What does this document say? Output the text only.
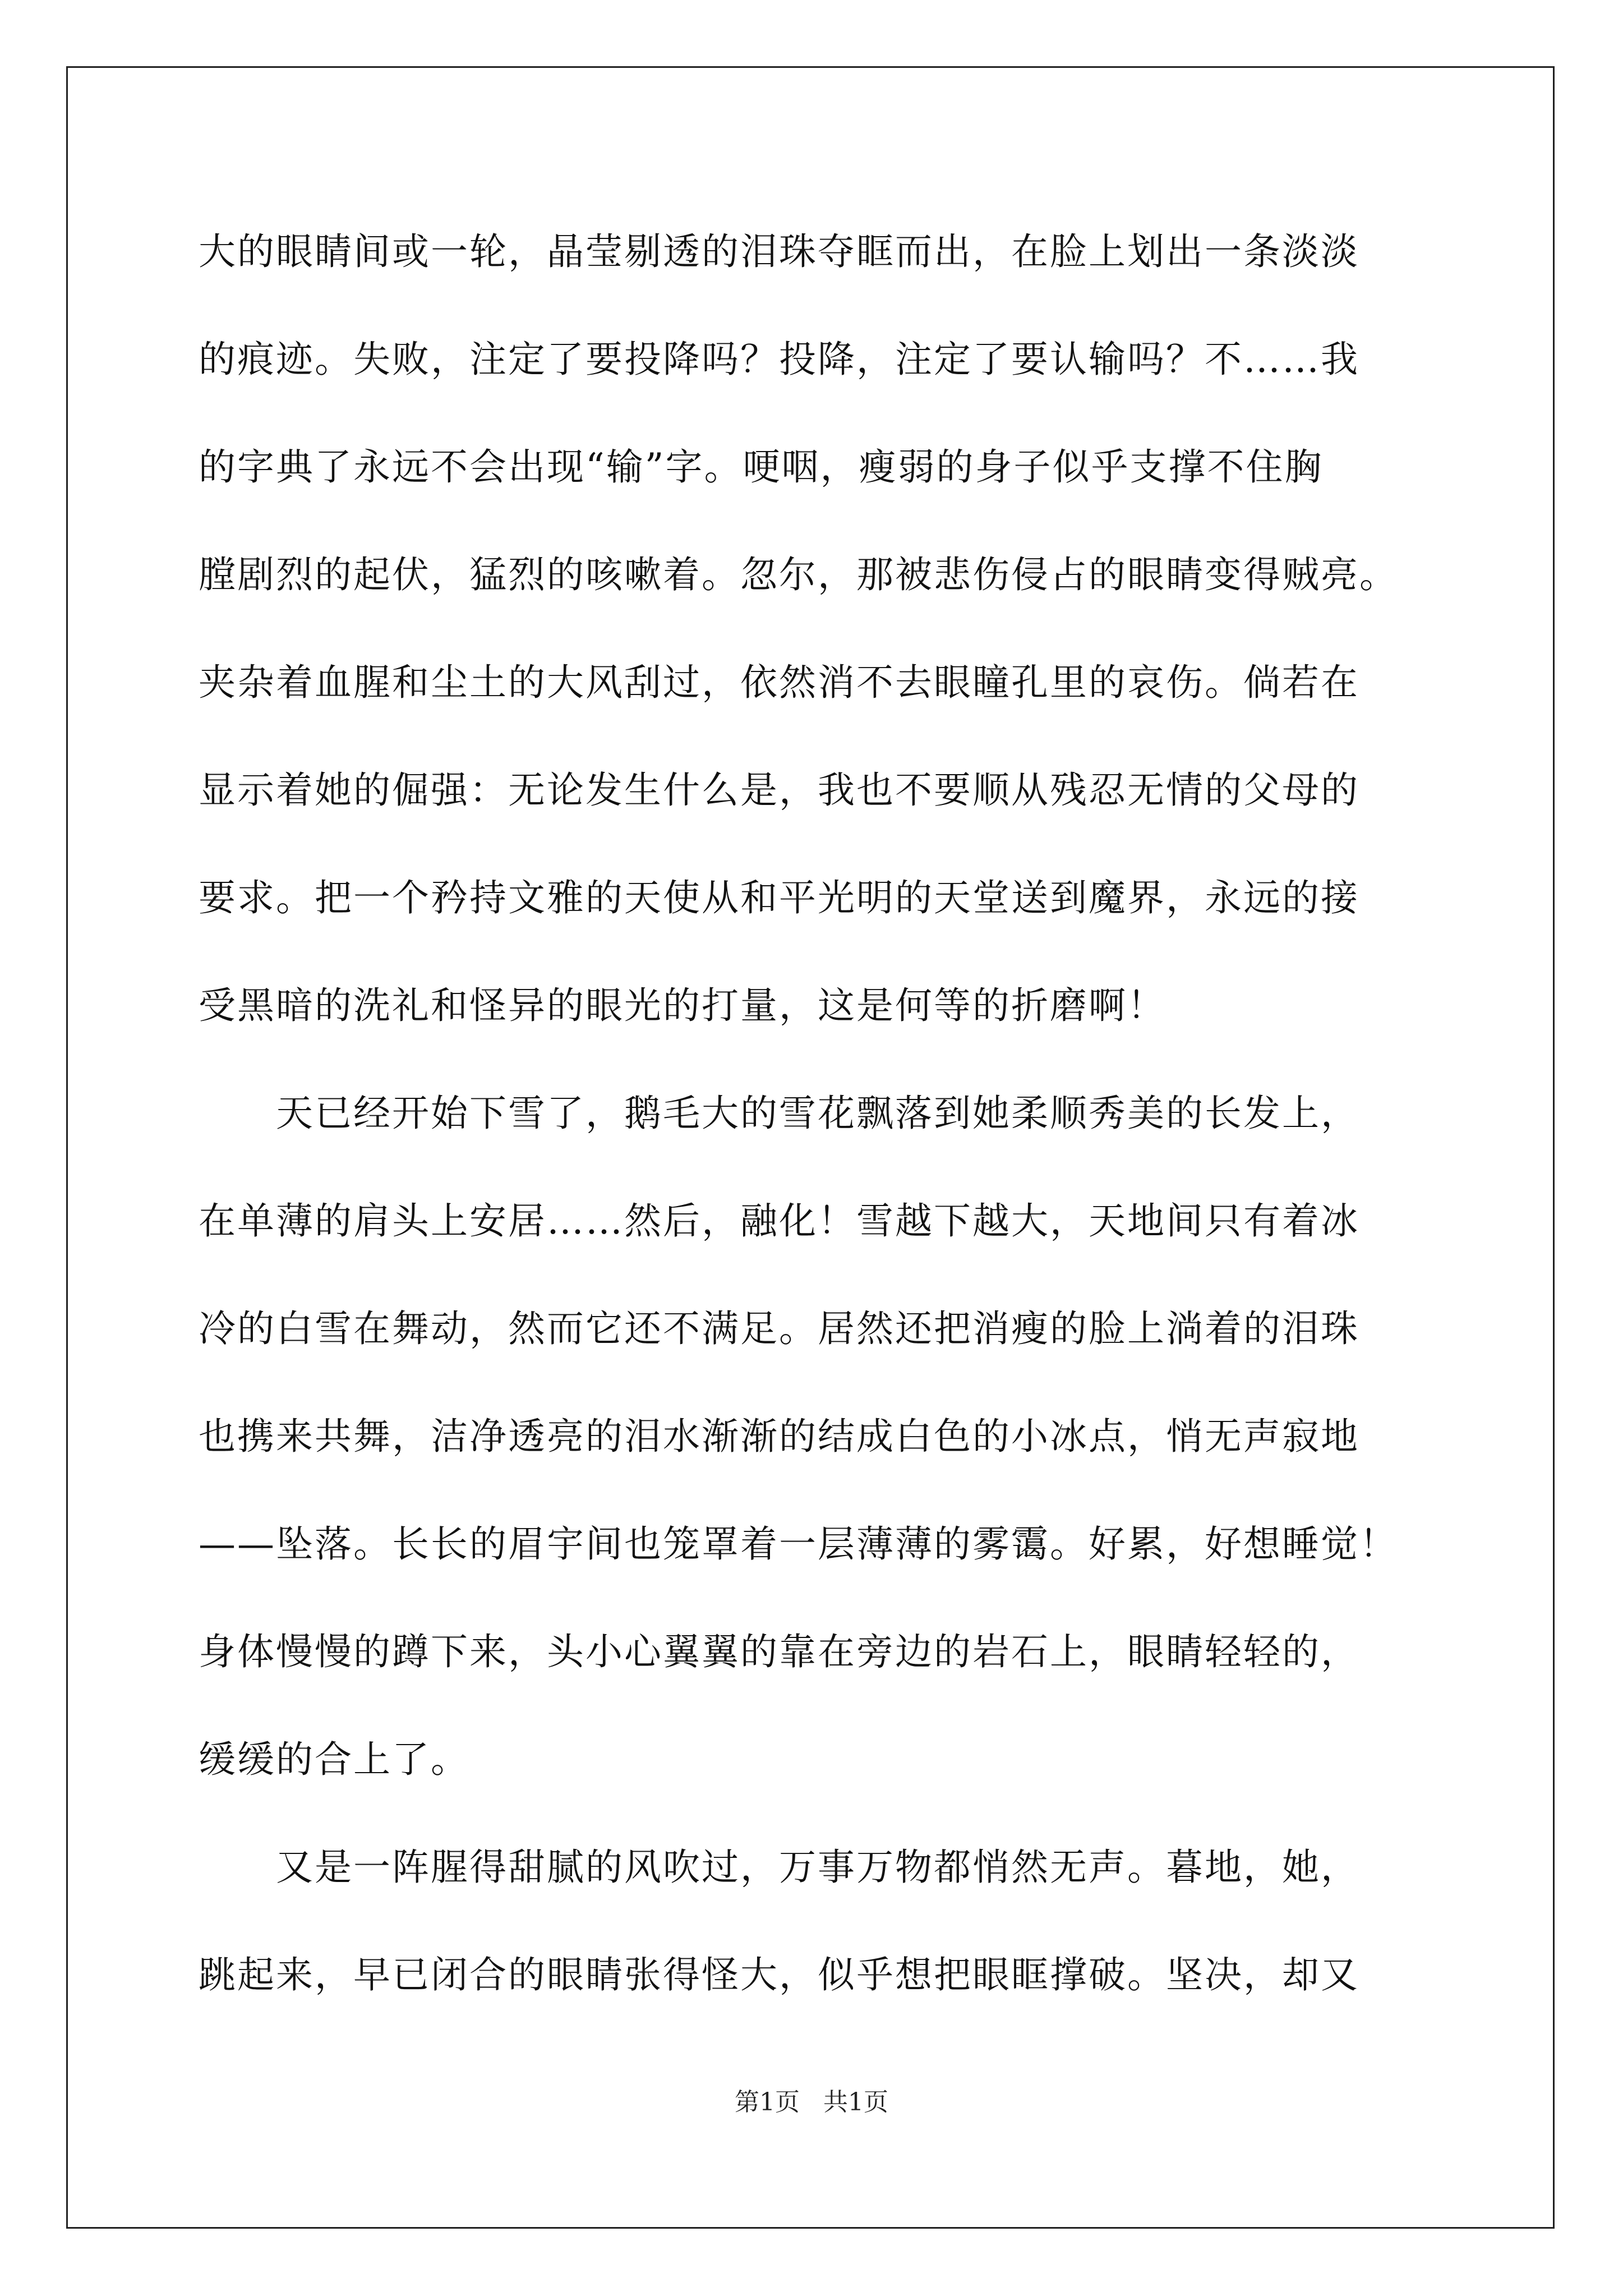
大的眼睛间或一轮，晶莹剔透的泪珠夺眶而出，在脸上划出一条淡淡
的痕迹。失败，注定了要投降吗？投降，注定了要认输吗？不……我
的字典了永远不会出现“输”字。哽咽，瘦弱的身子似乎支撑不住胸
膛剧烈的起伏，猛烈的咳嗽着。忽尔，那被悲伤侵占的眼睛变得贼亮。
夹杂着血腥和尘土的大风刮过，依然消不去眼瞳孔里的哀伤。倘若在
显示着她的倔强：无论发生什么是，我也不要顺从残忍无情的父母的
要求。把一个矜持文雅的天使从和平光明的天堂送到魔界，永远的接
受黑暗的洗礼和怪异的眼光的打量，这是何等的折磨啊！
　　天已经开始下雪了，鹅毛大的雪花飘落到她柔顺秀美的长发上，
在单薄的肩头上安居……然后，融化！雪越下越大，天地间只有着冰
冷的白雪在舞动，然而它还不满足。居然还把消瘦的脸上淌着的泪珠
也携来共舞，洁净透亮的泪水渐渐的结成白色的小冰点，悄无声寂地
——坠落。长长的眉宇间也笼罩着一层薄薄的雾霭。好累，好想睡觉！
身体慢慢的蹲下来，头小心翼翼的靠在旁边的岩石上，眼睛轻轻的，
缓缓的合上了。
　　又是一阵腥得甜腻的风吹过，万事万物都悄然无声。暮地，她，
跳起来，早已闭合的眼睛张得怪大，似乎想把眼眶撑破。坚决，却又
第1页 共1页
